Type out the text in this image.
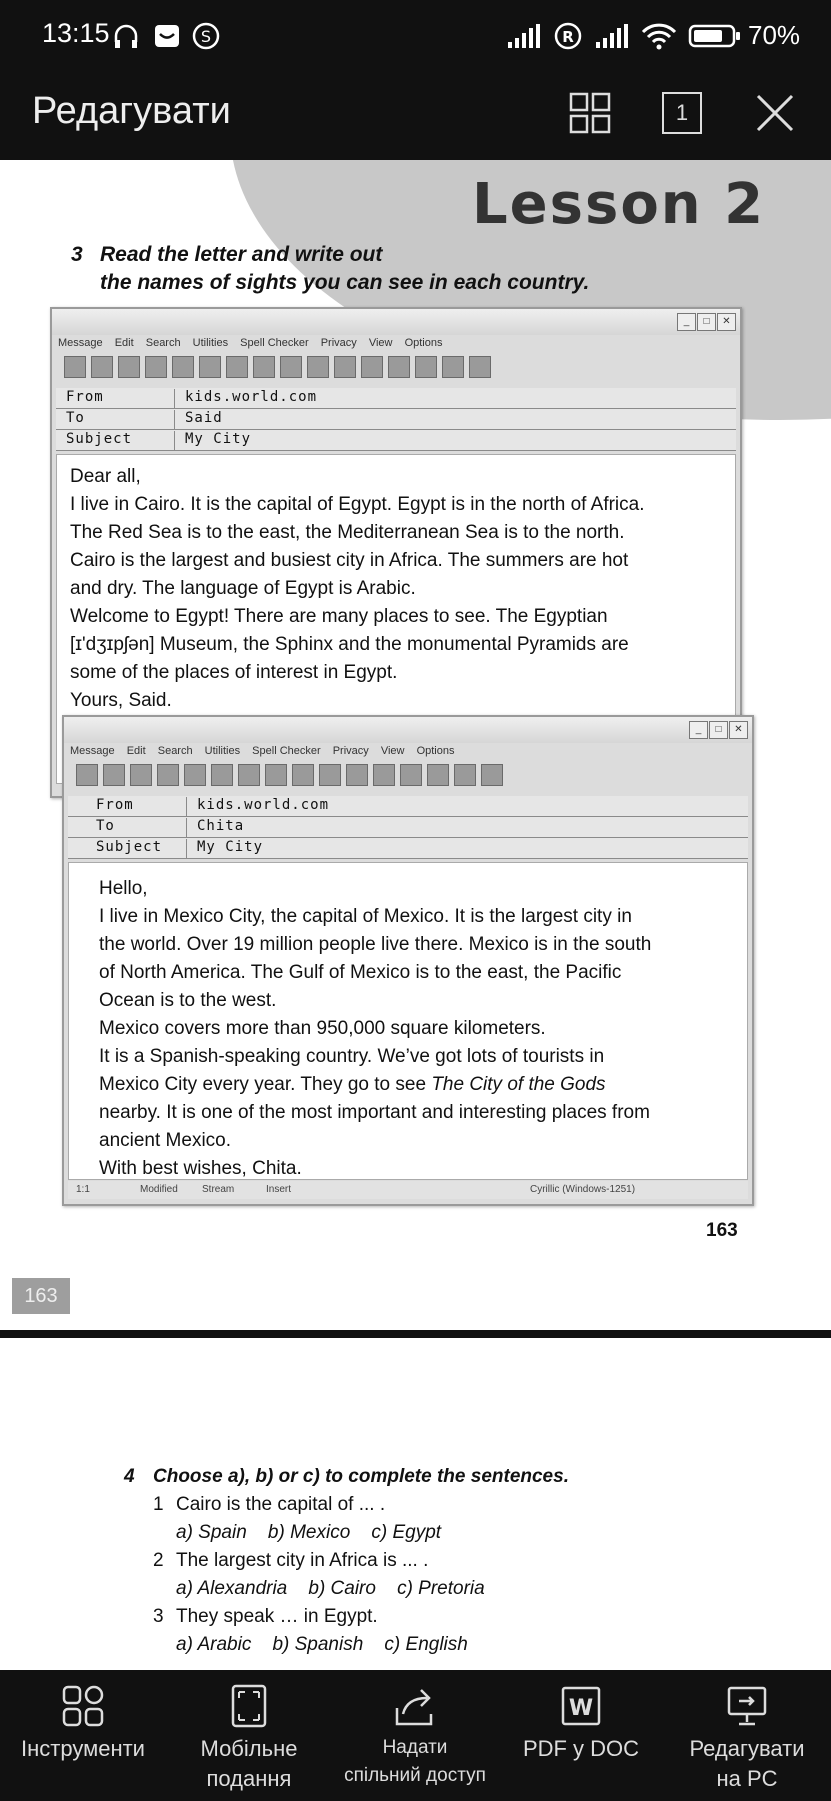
13:15	S	R	70%
Редагувати	1
Lesson 2
3 Read the letter and write out
the names of sights you can see in each country.
_	□	✕
Message Edit Search Utilities Spell Checker Privacy View Options
From	kids.world.com
To	Said
Subject	My City

Dear all,

I live in Cairo. It is the capital of Egypt. Egypt is in the north of Africa.

The Red Sea is to the east, the Mediterranean Sea is to the north.

Cairo is the largest and busiest city in Africa. The summers are hot

and dry. The language of Egypt is Arabic.

Welcome to Egypt! There are many places to see. The Egyptian

[ɪ'dʒɪpʃən] Museum, the Sphinx and the monumental Pyramids are

some of the places of interest in Egypt.

Yours, Said.

_	□	✕
Message Edit Search Utilities Spell Checker Privacy View Options
From	kids.world.com
To	Chita
Subject	My City

Hello,

I live in Mexico City, the capital of Mexico. It is the largest city in

the world. Over 19 million people live there. Mexico is in the south

of North America. The Gulf of Mexico is to the east, the Pacific

Ocean is to the west.

Mexico covers more than 950,000 square kilometers.

It is a Spanish-speaking country. We’ve got lots of tourists in

Mexico City every year. They go to see The City of the Gods

nearby. It is one of the most important and interesting places from

ancient Mexico.

With best wishes, Chita.

1:1	Modified Stream	Insert	Cyrillic (Windows-1251)
163
163
4 Choose a), b) or c) to complete the sentences.
1 Cairo is the capital of ... .
a) Spain b) Mexico c) Egypt
2 The largest city in Africa is ... .
a) Alexandria b) Cairo c) Pretoria
3 They speak … in Egypt.
a) Arabic b) Spanish c) English
Інструменти	Мобільне
подання
Надати
спільний доступ
W
PDF у DOC	Редагувати
на PC
